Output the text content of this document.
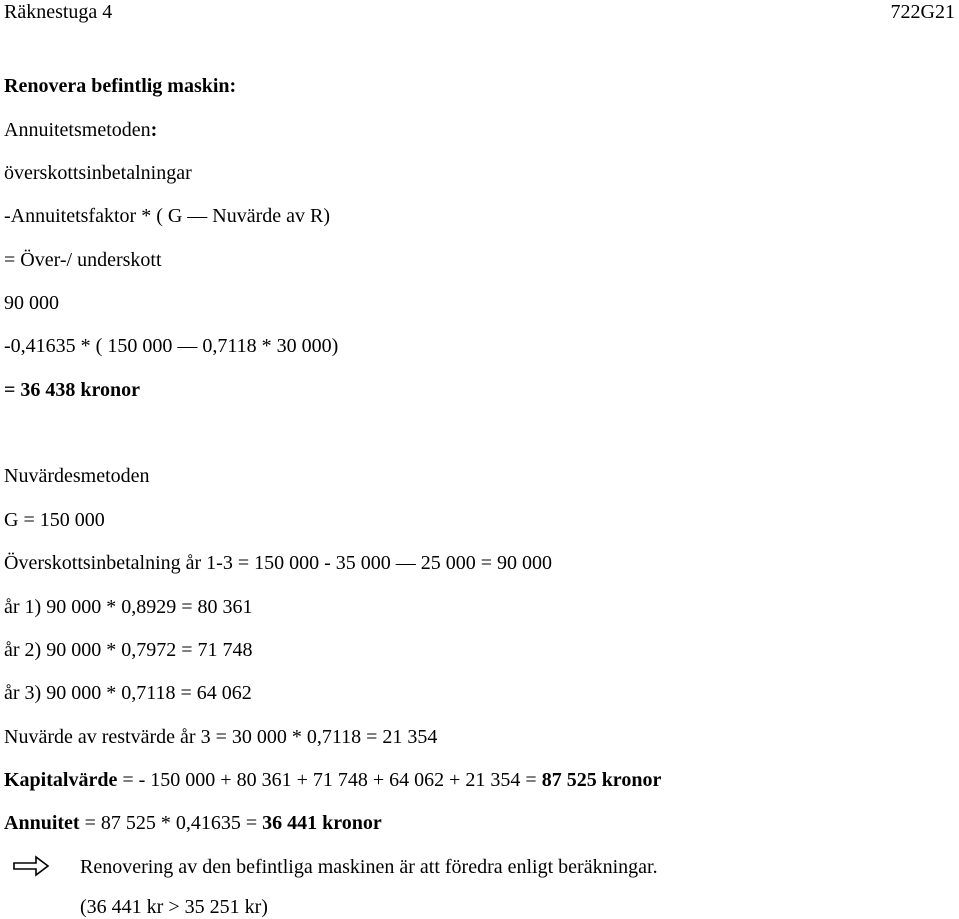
Räknestuga 4	722G21
Renovera befintlig maskin:
Annuitetsmetoden:
överskottsinbetalningar
-Annuitetsfaktor * ( G — Nuvärde av R)
= Över-/ underskott
90 000
-0,41635 * ( 150 000 — 0,7118 * 30 000)
= 36 438 kronor
Nuvärdesmetoden
G = 150 000
Överskottsinbetalning år 1-3 = 150 000 - 35 000 — 25 000 = 90 000
år 1) 90 000 * 0,8929 = 80 361
år 2) 90 000 * 0,7972 = 71 748
år 3) 90 000 * 0,7118 = 64 062
Nuvärde av restvärde år 3 = 30 000 * 0,7118 = 21 354
Kapitalvärde = - 150 000 + 80 361 + 71 748 + 64 062 + 21 354 = 87 525 kronor
Annuitet = 87 525 * 0,41635 = 36 441 kronor
Renovering av den befintliga maskinen är att föredra enligt beräkningar.
(36 441 kr > 35 251 kr)
